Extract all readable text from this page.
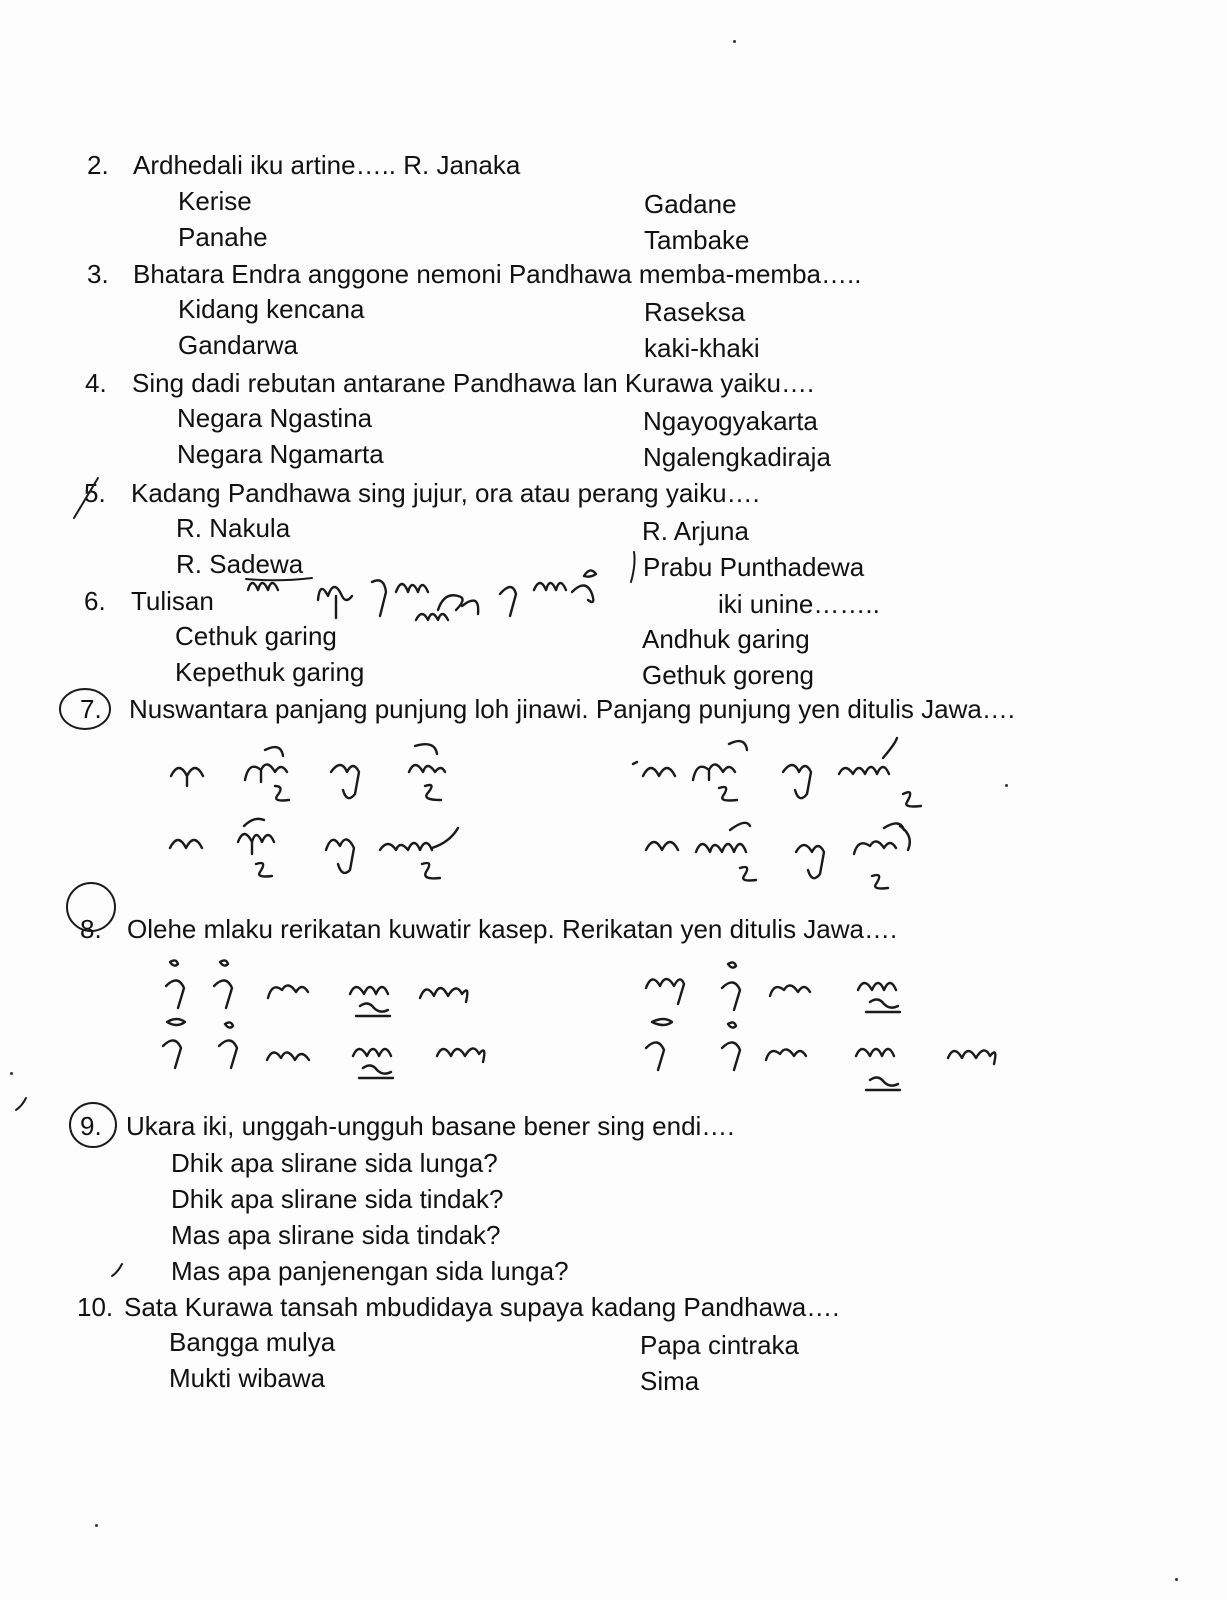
2. Ardhedali iku artine….. R. Janaka
Kerise
Panahe
Gadane
Tambake
3. Bhatara Endra anggone nemoni Pandhawa memba-memba…..
Kidang kencana
Gandarwa
Raseksa
kaki-khaki
4. Sing dadi rebutan antarane Pandhawa lan Kurawa yaiku….
Negara Ngastina
Negara Ngamarta
Ngayogyakarta
Ngalengkadiraja
5. Kadang Pandhawa sing jujur, ora atau perang yaiku….
R. Nakula
R. Sadewa
R. Arjuna
Prabu Punthadewa
6. Tulisan	iki unine……..
Cethuk garing
Kepethuk garing
Andhuk garing
Gethuk goreng
7. Nuswantara panjang punjung loh jinawi. Panjang punjung yen ditulis Jawa….
8. Olehe mlaku rerikatan kuwatir kasep. Rerikatan yen ditulis Jawa….
9. Ukara iki, unggah-ungguh basane bener sing endi….
Dhik apa slirane sida lunga?
Dhik apa slirane sida tindak?
Mas apa slirane sida tindak?
Mas apa panjenengan sida lunga?
10. Sata Kurawa tansah mbudidaya supaya kadang Pandhawa….
Bangga mulya
Mukti wibawa
Papa cintraka
Sima
